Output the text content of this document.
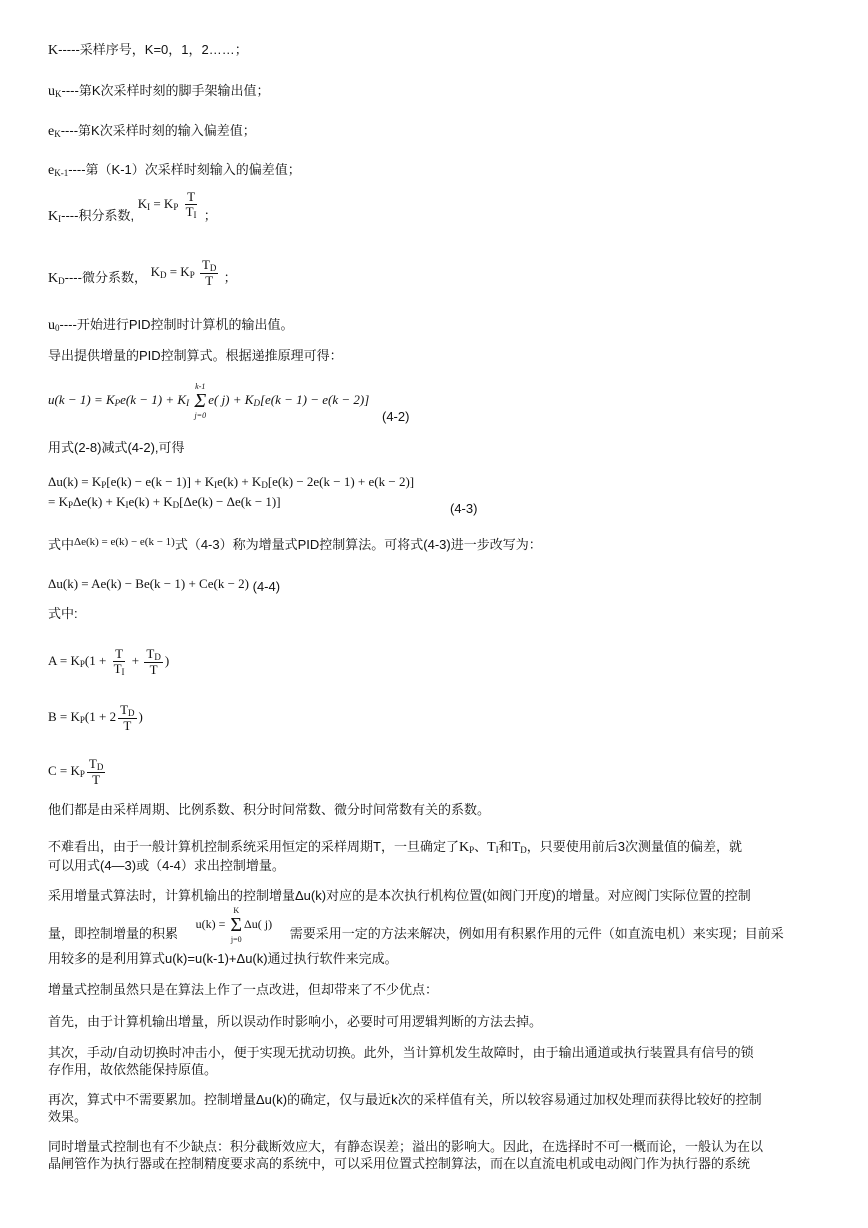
K-----采样序号，K=0，1，2……；
uK----第K次采样时刻的脚手架输出值；
eK----第K次采样时刻的输入偏差值；
eK-1----第（K-1）次采样时刻输入的偏差值；
KI----积分系数, KI = KP $\frac{T}{TI}$ ；
KD----微分系数， KD = KP $\frac{TD}{T}$ ；
u0----开始进行PID控制时计算机的输出值。
导出提供增量的PID控制算式。根据递推原理可得：
u(k − 1) = KPe(k − 1) + KI
k-1
Σ
j=0
e( j) + KD[e(k − 1) − e(k − 2)]
(4-2)
用式(2-8)减式(4-2),可得
Δu(k) = KP[e(k) − e(k − 1)] + KIe(k) + KD[e(k) − 2e(k − 1) + e(k − 2)]
= KPΔe(k) + KIe(k) + KD[Δe(k) − Δe(k − 1)]	(4-3)
式中$^{\Delta e(k) = e(k) - e(k - 1)}$式（4-3）称为增量式PID控制算法。可将式(4-3)进一步改写为：
Δu(k) = Ae(k) − Be(k − 1) + Ce(k − 2) (4-4)
式中:
$A = KP(1 + \frac{T}{TI} + \frac{TD}{T}$ )
$B = KP(1 + 2 \frac{TD}{T}$ )
C = KP $\frac{TD}{T}$
他们都是由采样周期、比例系数、积分时间常数、微分时间常数有关的系数。
不难看出，由于一般计算机控制系统采用恒定的采样周期T，一旦确定了KP、TI和TD，只要使用前后3次测量值的偏差，就
可以用式(4—3)或（4-4）求出控制增量。
采用增量式算法时，计算机输出的控制增量Δu(k)对应的是本次执行机构位置(如阀门开度)的增量。对应阀门实际位置的控制
量，即控制增量的积累 u(k) =
K
Σ
j=0
Δu( j) 需要采用一定的方法来解决，例如用有积累作用的元件（如直流电机）来实现；目前采
用较多的是利用算式u(k)=u(k-1)+Δu(k)通过执行软件来完成。
增量式控制虽然只是在算法上作了一点改进，但却带来了不少优点：
首先，由于计算机输出增量，所以误动作时影响小，必要时可用逻辑判断的方法去掉。
其次，手动/自动切换时冲击小，便于实现无扰动切换。此外，当计算机发生故障时，由于输出通道或执行装置具有信号的锁
存作用，故依然能保持原值。
再次，算式中不需要累加。控制增量Δu(k)的确定，仅与最近k次的采样值有关，所以较容易通过加权处理而获得比较好的控制
效果。
同时增量式控制也有不少缺点：积分截断效应大，有静态误差；溢出的影响大。因此，在选择时不可一概而论，一般认为在以
晶闸管作为执行器或在控制精度要求高的系统中，可以采用位置式控制算法，而在以直流电机或电动阀门作为执行器的系统
